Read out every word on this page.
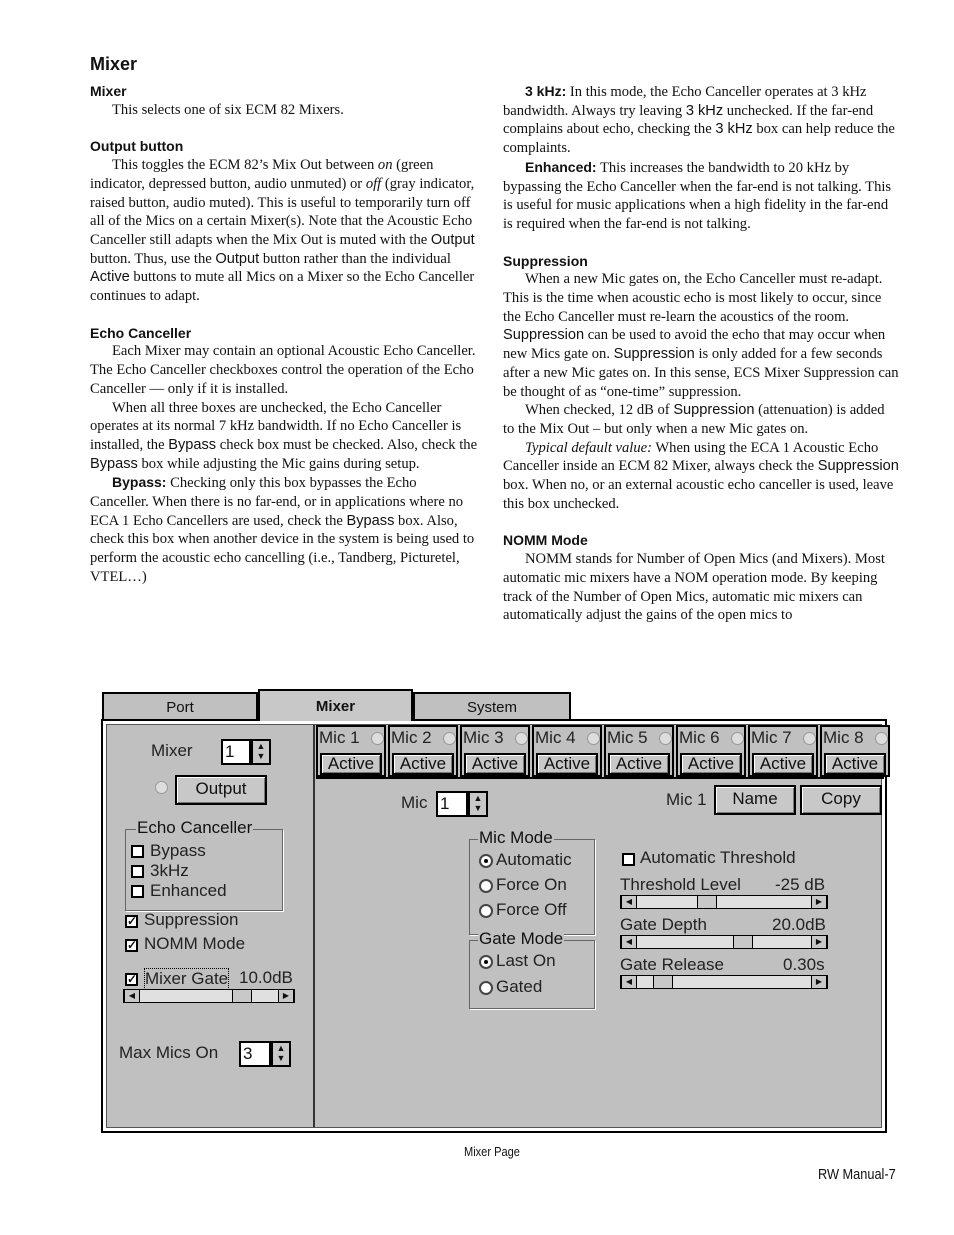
Mixer
Mixer

This selects one of six ECM 82 Mixers.

Output button

This toggles the ECM 82’s Mix Out between on (green indicator, depressed button, audio unmuted) or off (gray indicator, raised button, audio muted). This is useful to temporarily turn off all of the Mics on a certain Mixer(s). Note that the Acoustic Echo Canceller still adapts when the Mix Out is muted with the Output button. Thus, use the Output button rather than the individual Active buttons to mute all Mics on a Mixer so the Echo Canceller continues to adapt.

Echo Canceller

Each Mixer may contain an optional Acoustic Echo Canceller. The Echo Canceller checkboxes control the operation of the Echo Canceller — only if it is installed.

When all three boxes are unchecked, the Echo Canceller operates at its normal 7 kHz bandwidth. If no Echo Canceller is installed, the Bypass check box must be checked. Also, check the Bypass box while adjusting the Mic gains during setup.

Bypass: Checking only this box bypasses the Echo Canceller. When there is no far-end, or in applications where no ECA 1 Echo Cancellers are used, check the Bypass box. Also, check this box when another device in the system is being used to perform the acoustic echo cancelling (i.e., Tandberg, Picturetel, VTEL…)

3 kHz: In this mode, the Echo Canceller operates at 3 kHz bandwidth. Always try leaving 3 kHz unchecked. If the far-end complains about echo, checking the 3 kHz box can help reduce the complaints.

Enhanced: This increases the bandwidth to 20 kHz by bypassing the Echo Canceller when the far-end is not talking. This is useful for music applications when a high fidelity in the far-end is required when the far-end is not talking.

Suppression

When a new Mic gates on, the Echo Canceller must re-adapt. This is the time when acoustic echo is most likely to occur, since the Echo Canceller must re-learn the acoustics of the room. Suppression can be used to avoid the echo that may occur when new Mics gate on. Suppression is only added for a few seconds after a new Mic gates on. In this sense, ECS Mixer Suppression can be thought of as “one-time” suppression.

When checked, 12 dB of Suppression (attenuation) is added to the Mix Out – but only when a new Mic gates on.

Typical default value: When using the ECA 1 Acoustic Echo Canceller inside an ECM 82 Mixer, always check the Suppression box. When no, or an external acoustic echo canceller is used, leave this box unchecked.

NOMM Mode

NOMM stands for Number of Open Mics (and Mixers). Most automatic mic mixers have a NOM operation mode. By keeping track of the Number of Open Mics, automatic mic mixers can automatically adjust the gains of the open mics to

Port	Mixer	System
Mixer 1	▲
▼
Output
Echo Canceller
Bypass
3kHz
Enhanced
✓ Suppression
✓ NOMM Mode
✓ Mixer Gate 10.0dB
◀	▶
Max Mics On 3	▲
▼
Mic 1
Active
Mic 2
Active
Mic 3
Active
Mic 4
Active
Mic 5
Active
Mic 6
Active
Mic 7
Active
Mic 8
Active
Mic 1	▲
▼	Mic 1	Name	Copy
Mic Mode
Automatic
Force On
Force Off
Gate Mode
Last On
Gated
Automatic Threshold
Threshold Level -25 dB
◀	▶
Gate Depth	20.0dB
◀	▶
Gate Release	0.30s
◀	▶
Mixer Page
RW Manual-7
